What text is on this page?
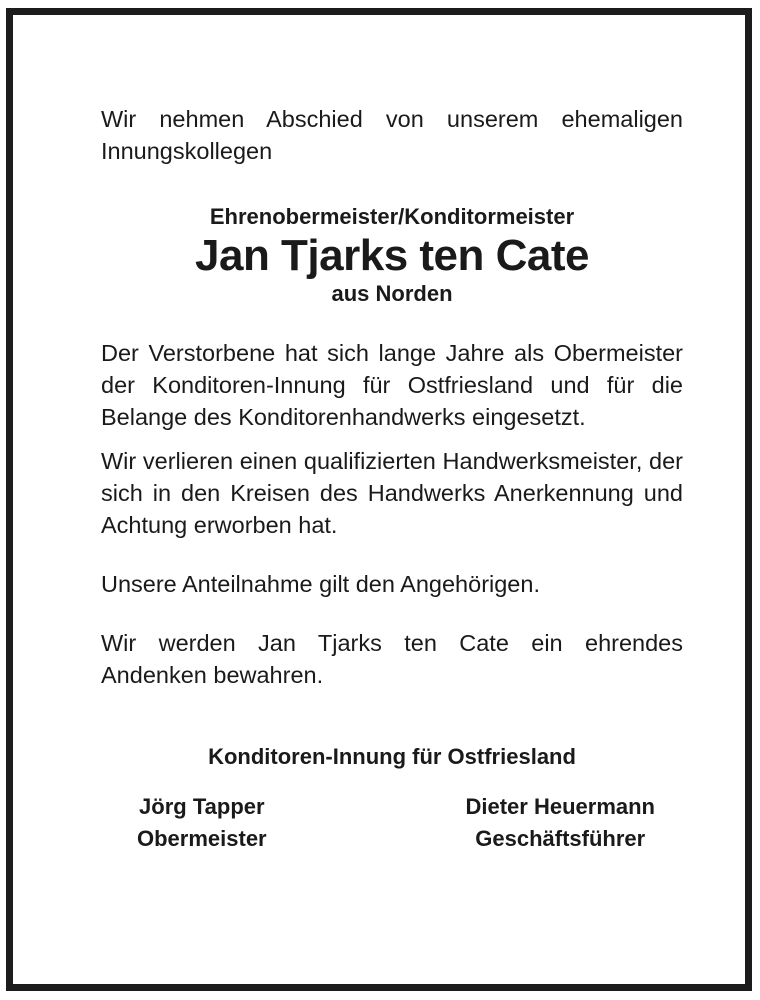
Wir nehmen Abschied von unserem ehemaligen Innungskollegen

Ehrenobermeister/Konditormeister

Jan Tjarks ten Cate

aus Norden

Der Verstorbene hat sich lange Jahre als Obermeister der Konditoren-Innung für Ostfriesland und für die Belange des Konditorenhandwerks eingesetzt.

Wir verlieren einen qualifizierten Handwerksmeister, der sich in den Kreisen des Handwerks Anerkennung und Achtung erworben hat.

Unsere Anteilnahme gilt den Angehörigen.

Wir werden Jan Tjarks ten Cate ein ehrendes Andenken bewahren.

Konditoren-Innung für Ostfriesland
Jörg Tapper
Obermeister
Dieter Heuermann
Geschäftsführer
